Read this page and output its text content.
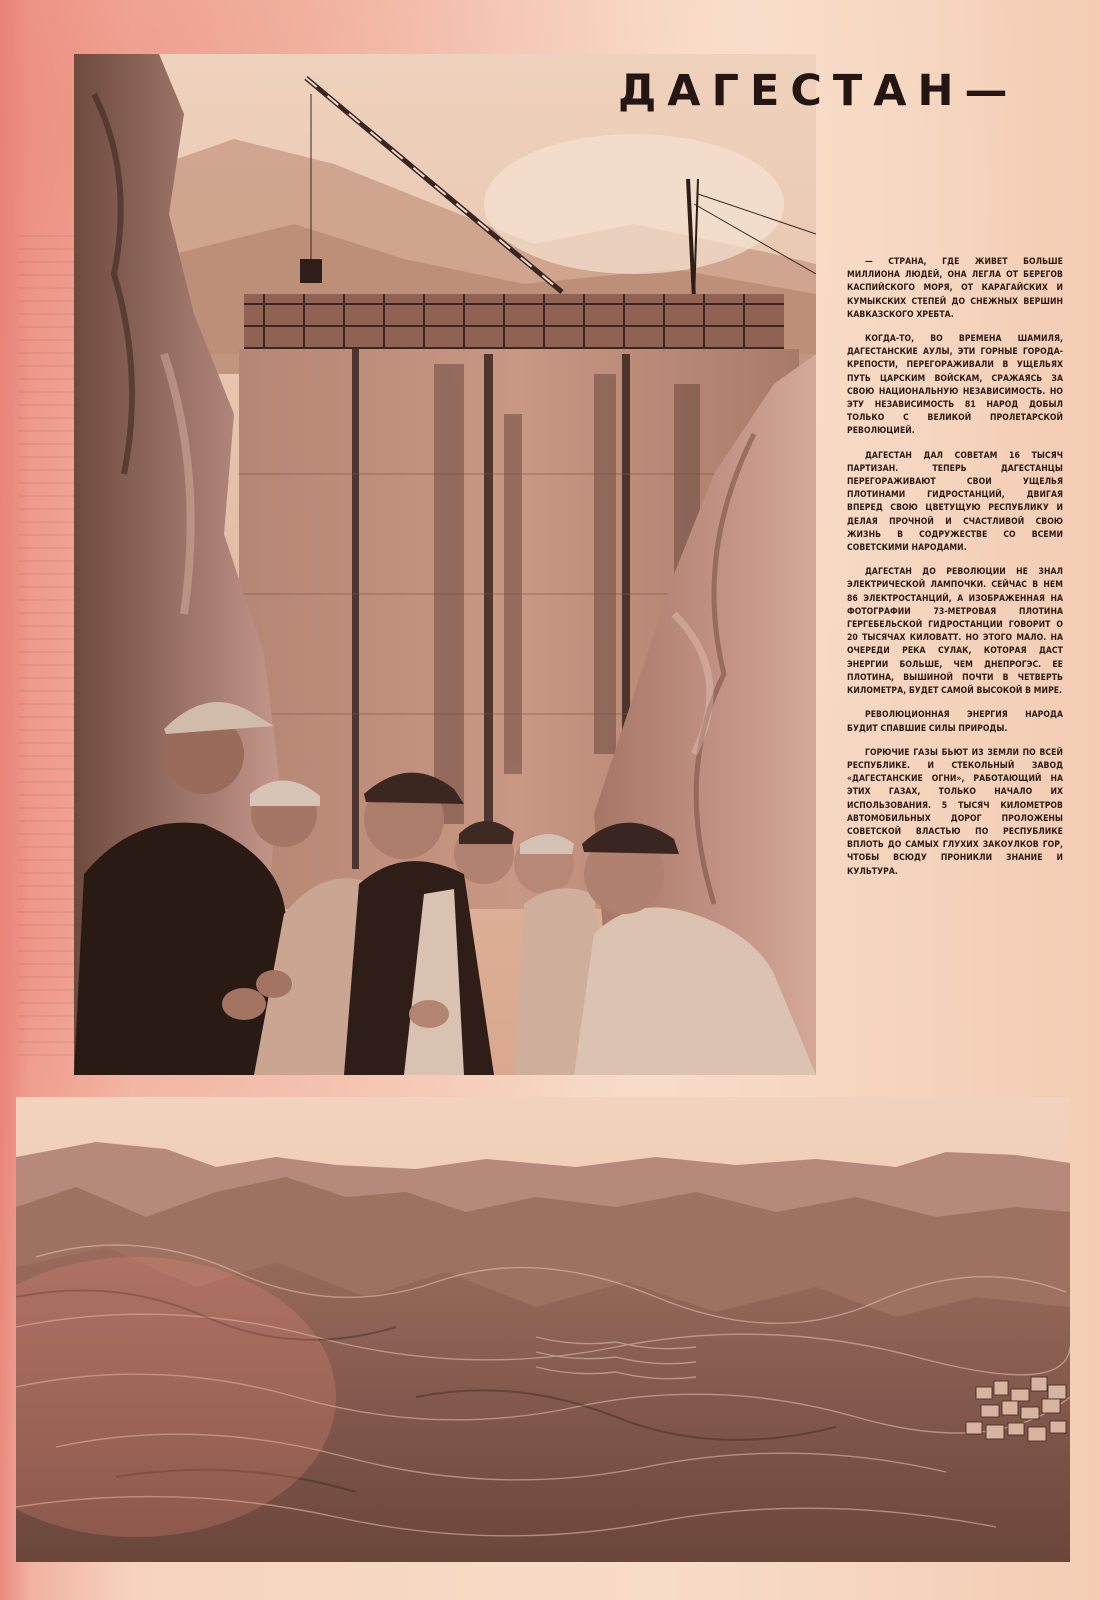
ДАГЕСТАН—

— СТРАНА, ГДЕ ЖИВЕТ БОЛЬШЕ МИЛЛИОНА ЛЮДЕЙ, ОНА ЛЕГЛА ОТ БЕРЕГОВ КАСПИЙСКОГО МОРЯ, ОТ КАРАГАЙСКИХ И КУМЫКСКИХ СТЕПЕЙ ДО СНЕЖНЫХ ВЕРШИН КАВКАЗСКОГО ХРЕБТА.

КОГДА-ТО, ВО ВРЕМЕНА ШАМИЛЯ, ДАГЕСТАНСКИЕ АУЛЫ, ЭТИ ГОРНЫЕ ГОРОДА-КРЕПОСТИ, ПЕРЕГОРАЖИВАЛИ В УЩЕЛЬЯХ ПУТЬ ЦАРСКИМ ВОЙСКАМ, СРАЖАЯСЬ ЗА СВОЮ НАЦИОНАЛЬНУЮ НЕЗАВИСИМОСТЬ. НО ЭТУ НЕЗАВИСИМОСТЬ 81 НАРОД ДОБЫЛ ТОЛЬКО С ВЕЛИКОЙ ПРОЛЕТАРСКОЙ РЕВОЛЮЦИЕЙ.

ДАГЕСТАН ДАЛ СОВЕТАМ 16 ТЫСЯЧ ПАРТИЗАН. ТЕПЕРЬ ДАГЕСТАНЦЫ ПЕРЕГОРАЖИВАЮТ СВОИ УЩЕЛЬЯ ПЛОТИНАМИ ГИДРОСТАНЦИЙ, ДВИГАЯ ВПЕРЕД СВОЮ ЦВЕТУЩУЮ РЕСПУБЛИКУ И ДЕЛАЯ ПРОЧНОЙ И СЧАСТЛИВОЙ СВОЮ ЖИЗНЬ В СОДРУЖЕСТВЕ СО ВСЕМИ СОВЕТСКИМИ НАРОДАМИ.

ДАГЕСТАН ДО РЕВОЛЮЦИИ НЕ ЗНАЛ ЭЛЕКТРИЧЕСКОЙ ЛАМПОЧКИ. СЕЙЧАС В НЕМ 86 ЭЛЕКТРОСТАНЦИЙ, А ИЗОБРАЖЕННАЯ НА ФОТОГРАФИИ 73-МЕТРОВАЯ ПЛОТИНА ГЕРГЕБЕЛЬСКОЙ ГИДРОСТАНЦИИ ГОВОРИТ О 20 ТЫСЯЧАХ КИЛОВАТТ. НО ЭТОГО МАЛО. НА ОЧЕРЕДИ РЕКА СУЛАК, КОТОРАЯ ДАСТ ЭНЕРГИИ БОЛЬШЕ, ЧЕМ ДНЕПРОГЭС. ЕЕ ПЛОТИНА, ВЫШИНОЙ ПОЧТИ В ЧЕТВЕРТЬ КИЛОМЕТРА, БУДЕТ САМОЙ ВЫСОКОЙ В МИРЕ.

РЕВОЛЮЦИОННАЯ ЭНЕРГИЯ НАРОДА БУДИТ СПАВШИЕ СИЛЫ ПРИРОДЫ.

ГОРЮЧИЕ ГАЗЫ БЬЮТ ИЗ ЗЕМЛИ ПО ВСЕЙ РЕСПУБЛИКЕ. И СТЕКОЛЬНЫЙ ЗАВОД «ДАГЕСТАНСКИЕ ОГНИ», РАБОТАЮЩИЙ НА ЭТИХ ГАЗАХ, ТОЛЬКО НАЧАЛО ИХ ИСПОЛЬЗОВАНИЯ. 5 ТЫСЯЧ КИЛОМЕТРОВ АВТОМОБИЛЬНЫХ ДОРОГ ПРОЛОЖЕНЫ СОВЕТСКОЙ ВЛАСТЬЮ ПО РЕСПУБЛИКЕ ВПЛОТЬ ДО САМЫХ ГЛУХИХ ЗАКОУЛКОВ ГОР, ЧТОБЫ ВСЮДУ ПРОНИКЛИ ЗНАНИЕ И КУЛЬТУРА.
